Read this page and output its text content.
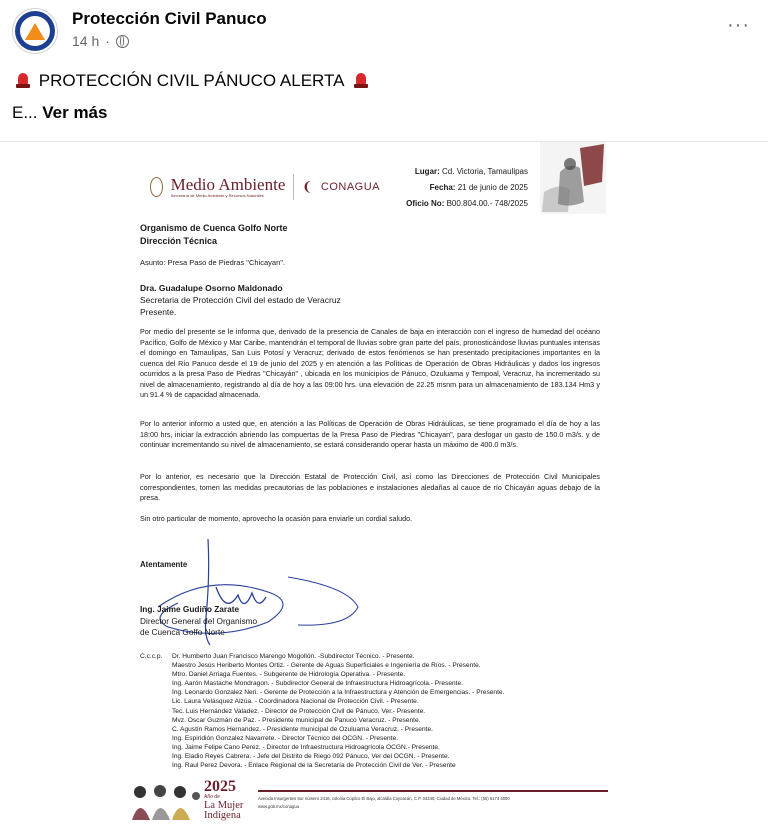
Protección Civil Panuco
14 h ·
···
PROTECCIÓN CIVIL PÁNUCO ALERTA
E... Ver más
Medio Ambiente
Secretaría de Medio Ambiente y Recursos Naturales
❨ CONAGUA
Lugar: Cd. Victoria, Tamaulipas
Fecha: 21 de junio de 2025
Oficio No: B00.804.00.- 748/2025
Organismo de Cuenca Golfo Norte
Dirección Técnica
Asunto: Presa Paso de Piedras "Chicayan".
Dra. Guadalupe Osorno Maldonado
Secretaria de Protección Civil del estado de Veracruz
Presente.
Por medio del presente se le informa que, derivado de la presencia de Canales de baja en interacción con el ingreso de humedad del océano Pacífico, Golfo de México y Mar Caribe, mantendrán el temporal de lluvias sobre gran parte del país, pronosticándose lluvias puntuales intensas el domingo en Tamaulipas, San Luis Potosí y Veracruz; derivado de estos fenómenos se han presentado precipitaciones importantes en la cuenca del Río Panuco desde el 19 de junio del 2025 y en atención a las Políticas de Operación de Obras Hidráulicas y dados los ingresos ocurridos a la presa Paso de Piedras "Chicayán" , ubicada en los municipios de Pánuco, Ozuluama y Tempoal, Veracruz, ha incrementado su nivel de almacenamiento, registrando al día de hoy a las 09:00 hrs. una elevación de 22.25 msnm para un almacenamiento de 183.134 Hm3 y un 91.4 % de capacidad almacenada.
Por lo anterior informo a usted que, en atención a las Políticas de Operación de Obras Hidráulicas, se tiene programado el día de hoy a las 18:00 hrs, iniciar la extracción abriendo las compuertas de la Presa Paso de Piedras "Chicayan", para desfogar un gasto de 150.0 m3/s. y de continuar incrementando su nivel de almacenamiento, se estará considerando operar hasta un máximo de 400.0 m3/s.
Por lo anterior, es necesario que la Dirección Estatal de Protección Civil, así como las Direcciones de Protección Civil Municipales correspondientes, tomen las medidas precautorias de las poblaciones e instalaciones aledañas al cauce de río Chicayán aguas debajo de la presa.
Sin otro particular de momento, aprovecho la ocasión para enviarle un cordial saludo.
Atentamente
Ing. Jaime Gudiño Zarate
Director General del Organismo
de Cuenca Golfo Norte
C.c.c.p. Dr. Humberto Juan Francisco Marengo Mogollón. -Subdirector Técnico. - Presente.
Maestro Jesús Heriberto Montes Ortiz. - Gerente de Aguas Superficiales e Ingeniería de Ríos. - Presente.
Mtro. Daniel Arriaga Fuentes. - Subgerente de Hidrología Operativa. - Presente.
Ing. Aarón Mastache Mondragon. - Subdirector General de Infraestructura Hidroagrícola.- Presente.
Ing. Leonardo Gonzalez Neri. - Gerente de Protección a la Infraestructura y Atención de Emergencias. - Presente.
Lic. Laura Velásquez Alzúa. - Coordinadora Nacional de Protección Civil. - Presente.
Tec. Luis Hernández Valadez. - Director de Protección Civil de Pánuco, Ver.- Presente.
Mvz. Oscar Guzmán de Paz. - Presidente municipal de Panuco Veracruz. - Presente.
C. Agustín Ramos Hernandez. - Presidente municipal de Ozuluama Veracruz. - Presente.
Ing. Espiridión Gonzalez Navarrete. - Director Técnico del OCGN. - Presente.
Ing. Jaime Felipe Cano Perez. - Director de Infraestructura Hidroagrícola OCGN.- Presente.
Ing. Eladio Reyes Cabrera. - Jefe del Distrito de Riego 092 Pánuco, Ver del OCGN. - Presente.
Ing. Raul Perez Devora. - Enlace Regional de la Secretaría de Protección Civil de Ver. - Presente
2025
Año de
La Mujer
Indígena
Avenida Insurgentes Sur número 2416, colonia Copilco El Bajo, alcaldía Coyoacán, C.P. 04340, Ciudad de México. Tel.: (55) 5174 4000
www.gob.mx/conagua
